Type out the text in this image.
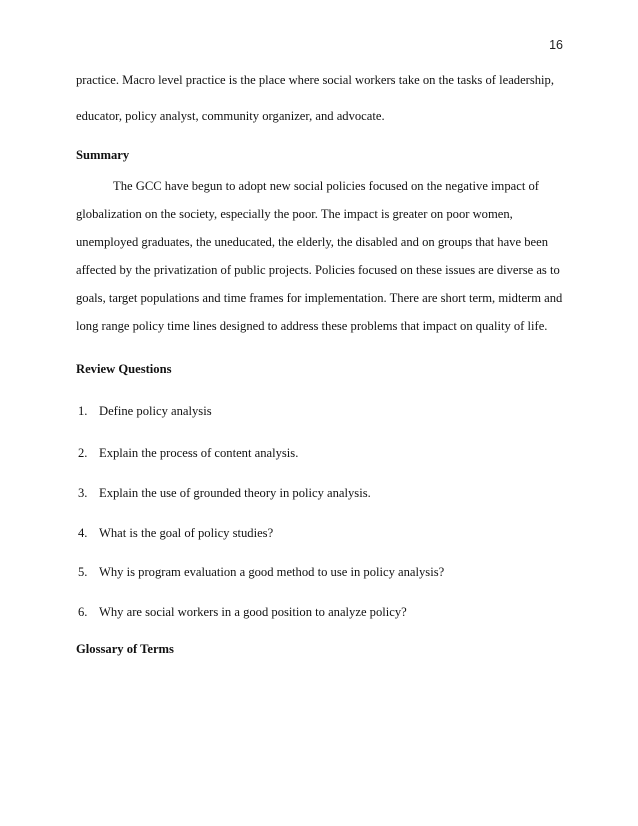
16
practice. Macro level practice is the place where social workers take on the tasks of leadership,
educator, policy analyst, community organizer, and advocate.
Summary
The GCC have begun to adopt new social policies focused on the negative impact of
globalization on the society, especially the poor. The impact is greater on poor women,
unemployed graduates, the uneducated, the elderly, the disabled and on groups that have been
affected by the privatization of public projects. Policies focused on these issues are diverse as to
goals, target populations and time frames for implementation. There are short term, midterm and
long range policy time lines designed to address these problems that impact on quality of life.
Review Questions
1. Define policy analysis
2. Explain the process of content analysis.
3. Explain the use of grounded theory in policy analysis.
4. What is the goal of policy studies?
5. Why is program evaluation a good method to use in policy analysis?
6. Why are social workers in a good position to analyze policy?
Glossary of Terms
